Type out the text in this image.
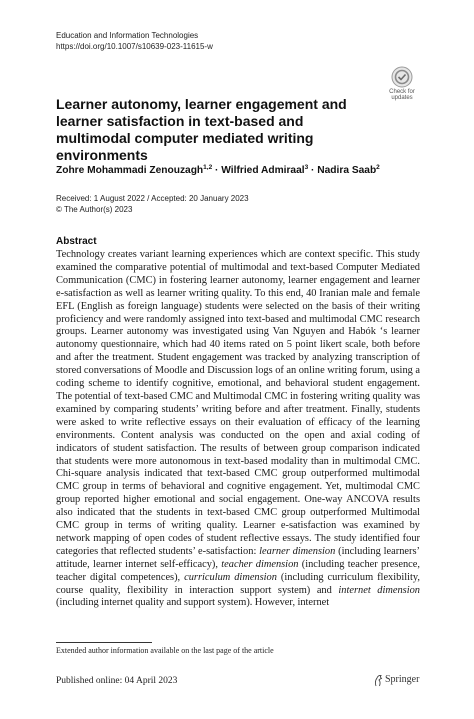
Education and Information Technologies
https://doi.org/10.1007/s10639-023-11615-w
Check for
updates
Learner autonomy, learner engagement and learner satisfaction in text-based and multimodal computer mediated writing environments
Zohre Mohammadi Zenouzagh$^{1,2}$ · Wilfried Admiraal$^3$ · Nadira Saab$^2$
Received: 1 August 2022 / Accepted: 20 January 2023
© The Author(s) 2023
Abstract

Technology creates variant learning experiences which are context specific. This study examined the comparative potential of multimodal and text-based Computer Mediated Communication (CMC) in fostering learner autonomy, learner engagement and learner e-satisfaction as well as learner writing quality. To this end, 40 Iranian male and female EFL (English as foreign language) students were selected on the basis of their writing proficiency and were randomly assigned into text-based and multimodal CMC research groups. Learner autonomy was investigated using Van Nguyen and Habók ‘s learner autonomy questionnaire, which had 40 items rated on 5 point likert scale, both before and after the treatment. Student engagement was tracked by analyzing transcription of stored conversations of Moodle and Discussion logs of an online writing forum, using a coding scheme to identify cognitive, emotional, and behavioral student engagement. The potential of text-based CMC and Multimodal CMC in fostering writing quality was examined by comparing students’ writing before and after treatment. Finally, students were asked to write reflective essays on their evaluation of efficacy of the learning environments. Content analysis was conducted on the open and axial coding of indicators of student satisfaction. The results of between group comparison indicated that students were more autonomous in text-based modality than in multimodal CMC. Chi-square analysis indicated that text-based CMC group outperformed multimodal CMC group in terms of behavioral and cognitive engagement. Yet, multimodal CMC group reported higher emotional and social engagement. One-way ANCOVA results also indicated that the students in text-based CMC group outperformed Multimodal CMC group in terms of writing quality. Learner e-satisfaction was examined by network mapping of open codes of student reflective essays. The study identified four categories that reflected students’ e-satisfaction: learner dimension (including learners’ attitude, learner internet self-efficacy), teacher dimension (including teacher presence, teacher digital competences), curriculum dimension (including curriculum flexibility, course quality, flexibility in interaction support system) and internet dimension (including internet quality and support system). However, internet

Extended author information available on the last page of the article
Published online: 04 April 2023	Springer
